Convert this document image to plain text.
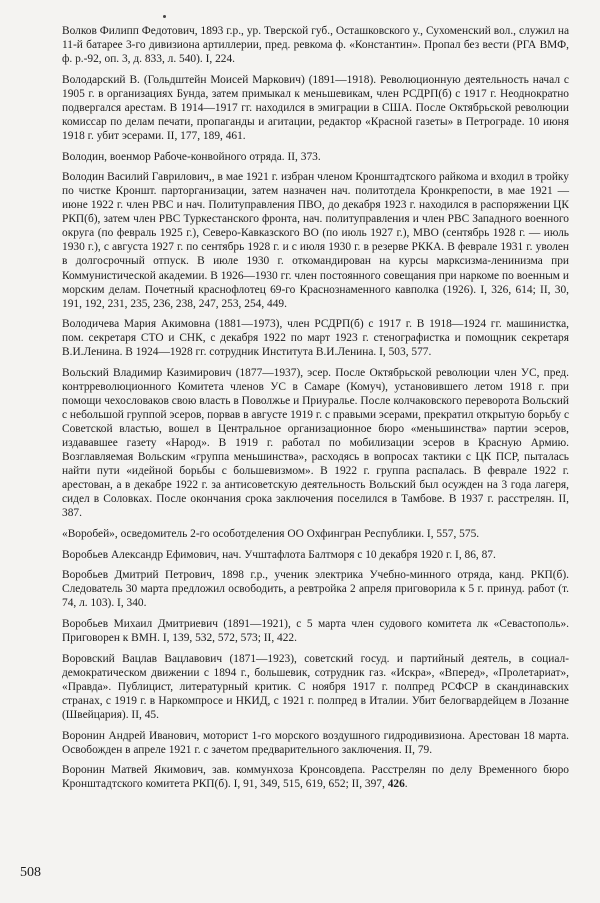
Волков Филипп Федотович, 1893 г.р., ур. Тверской губ., Осташковского у., Сухоменский вол., служил на 11-й батарее 3-го дивизиона артиллерии, пред. ревкома ф. «Константин». Пропал без вести (РГА ВМФ, ф. р.-92, оп. 3, д. 833, л. 540). I, 224.

Володарский В. (Гольдштейн Моисей Маркович) (1891—1918). Революционную деятельность начал с 1905 г. в организациях Бунда, затем примыкал к меньшевикам, член РСДРП(б) с 1917 г. Неоднократно подвергался арестам. В 1914—1917 гг. находился в эмиграции в США. После Октябрьской революции комиссар по делам печати, пропаганды и агитации, редактор «Красной газеты» в Петрограде. 10 июня 1918 г. убит эсерами. II, 177, 189, 461.

Володин, военмор Рабоче-конвойного отряда. II, 373.

Володин Василий Гаврилович,, в мае 1921 г. избран членом Кронштадтского райкома и входил в тройку по чистке Кроншт. парторганизации, затем назначен нач. политотдела Кронкрепости, в мае 1921 — июне 1922 г. член РВС и нач. Политуправления ПВО, до декабря 1923 г. находился в распоряжении ЦК РКП(б), затем член РВС Туркестанского фронта, нач. политуправления и член РВС Западного военного округа (по февраль 1925 г.), Северо-Кавказского ВО (по июль 1927 г.), МВО (сентябрь 1928 г. — июль 1930 г.), с августа 1927 г. по сентябрь 1928 г. и с июля 1930 г. в резерве РККА. В феврале 1931 г. уволен в долгосрочный отпуск. В июле 1930 г. откомандирован на курсы марксизма-ленинизма при Коммунистической академии. В 1926—1930 гг. член постоянного совещания при наркоме по военным и морским делам. Почетный краснофлотец 69-го Краснознаменного кавполка (1926). I, 326, 614; II, 30, 191, 192, 231, 235, 236, 238, 247, 253, 254, 449.

Володичева Мария Акимовна (1881—1973), член РСДРП(б) с 1917 г. В 1918—1924 гг. машинистка, пом. секретаря СТО и СНК, с декабря 1922 по март 1923 г. стенографистка и помощник секретаря В.И.Ленина. В 1924—1928 гг. сотрудник Института В.И.Ленина. I, 503, 577.

Вольский Владимир Казимирович (1877—1937), эсер. После Октябрьской революции член УС, пред. контрреволюционного Комитета членов УС в Самаре (Комуч), установившего летом 1918 г. при помощи чехословаков свою власть в Поволжье и Приуралье. После колчаковского переворота Вольский с небольшой группой эсеров, порвав в августе 1919 г. с правыми эсерами, прекратил открытую борьбу с Советской властью, вошел в Центральное организационное бюро «меньшинства» партии эсеров, издававшее газету «Народ». В 1919 г. работал по мобилизации эсеров в Красную Армию. Возглавляемая Вольским «группа меньшинства», расходясь в вопросах тактики с ЦК ПСР, пыталась найти пути «идейной борьбы с большевизмом». В 1922 г. группа распалась. В феврале 1922 г. арестован, а в декабре 1922 г. за антисоветскую деятельность Вольский был осужден на 3 года лагеря, сидел в Соловках. После окончания срока заключения поселился в Тамбове. В 1937 г. расстрелян. II, 387.

«Воробей», осведомитель 2-го особотделения ОО Охфингран Республики. I, 557, 575.

Воробьев Александр Ефимович, нач. Учштафлота Балтморя с 10 декабря 1920 г. I, 86, 87.

Воробьев Дмитрий Петрович, 1898 г.р., ученик электрика Учебно-минного отряда, канд. РКП(б). Следователь 30 марта предложил освободить, а ревтройка 2 апреля приговорила к 5 г. принуд. работ (т. 74, л. 103). I, 340.

Воробьев Михаил Дмитриевич (1891—1921), с 5 марта член судового комитета лк «Севастополь». Приговорен к ВМН. I, 139, 532, 572, 573; II, 422.

Воровский Вацлав Вацлавович (1871—1923), советский госуд. и партийный деятель, в социал-демократическом движении с 1894 г., большевик, сотрудник газ. «Искра», «Вперед», «Пролетариат», «Правда». Публицист, литературный критик. С ноября 1917 г. полпред РСФСР в скандинавских странах, с 1919 г. в Наркомпросе и НКИД, с 1921 г. полпред в Италии. Убит белогвардейцем в Лозанне (Швейцария). II, 45.

Воронин Андрей Иванович, моторист 1-го морского воздушного гидродивизиона. Арестован 18 марта. Освобожден в апреле 1921 г. с зачетом предварительного заключения. II, 79.

Воронин Матвей Якимович, зав. коммунхоза Кронсовдепа. Расстрелян по делу Временного бюро Кронштадтского комитета РКП(б). I, 91, 349, 515, 619, 652; II, 397, 426.

508
